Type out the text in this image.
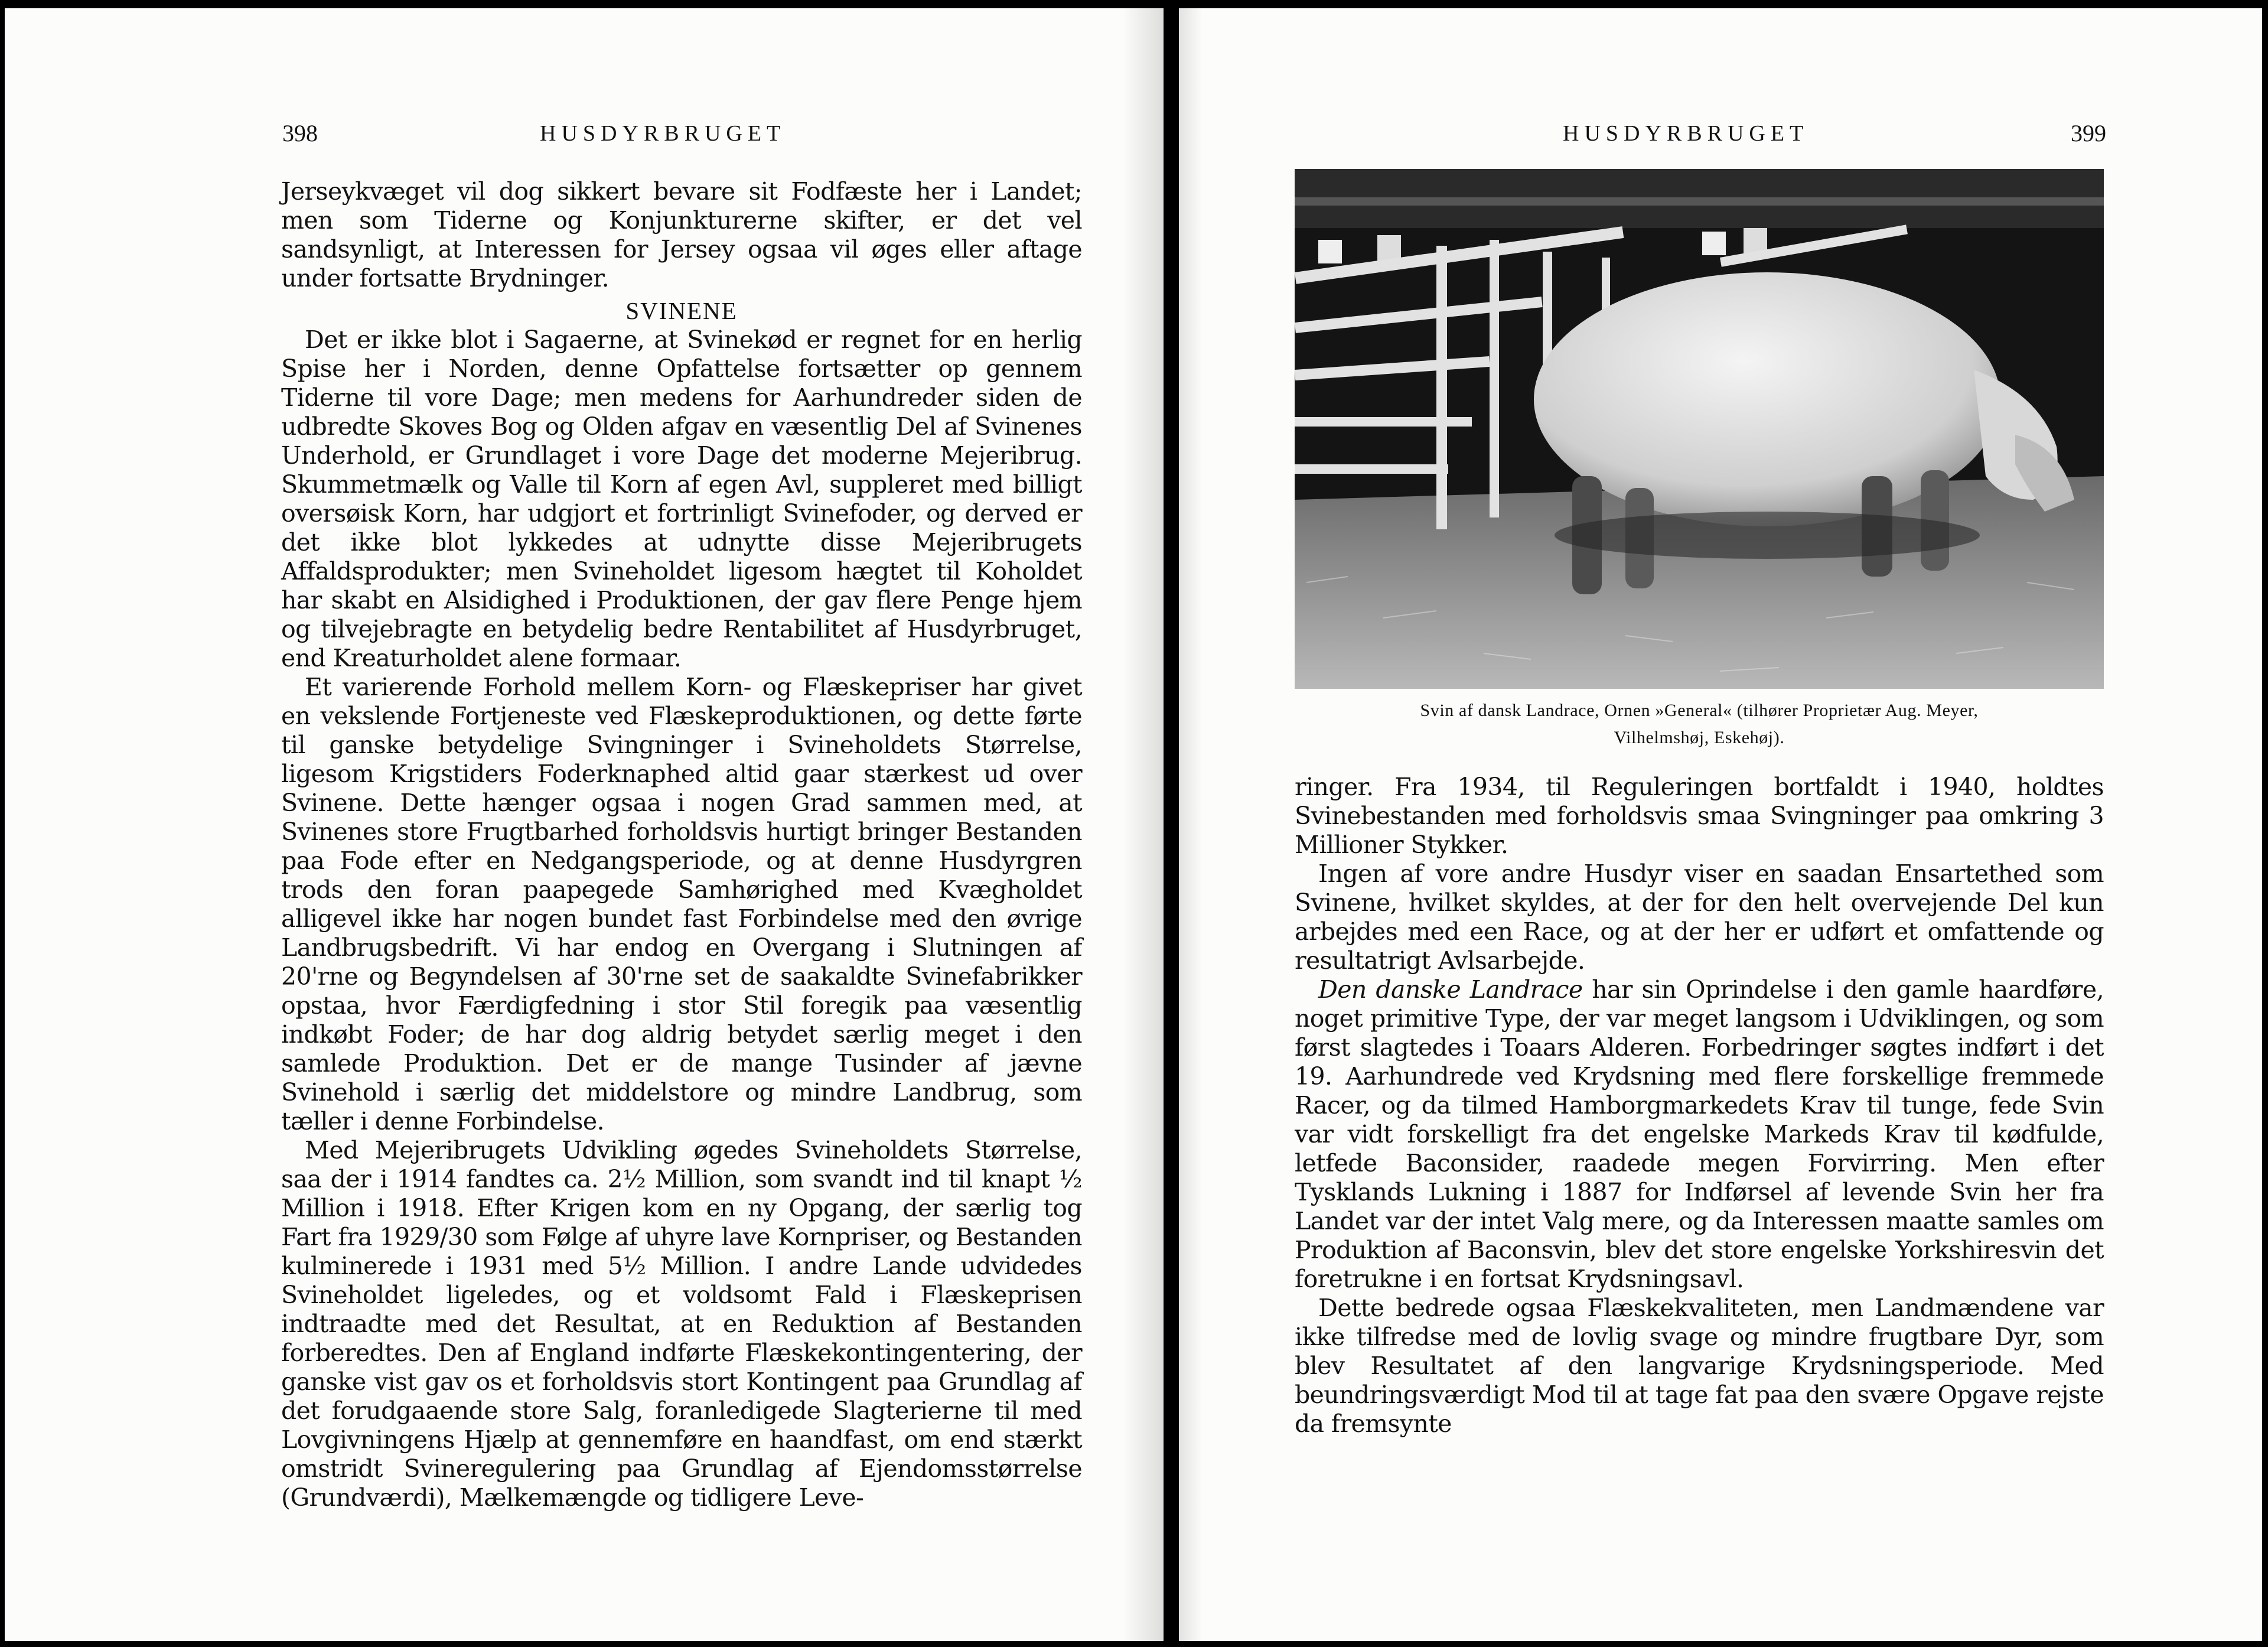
398	HUSDYRBRUGET

Jerseykvæget vil dog sikkert bevare sit Fodfæste her i Landet; men som Tiderne og Konjunkturerne skifter, er det vel sandsynligt, at Interessen for Jersey ogsaa vil øges eller aftage under fortsatte Brydninger.

SVINENE

Det er ikke blot i Sagaerne, at Svinekød er regnet for en herlig Spise her i Norden, denne Opfattelse fortsætter op gennem Tiderne til vore Dage; men medens for Aarhundreder siden de udbredte Skoves Bog og Olden afgav en væsentlig Del af Svinenes Underhold, er Grundlaget i vore Dage det moderne Mejeribrug. Skummetmælk og Valle til Korn af egen Avl, suppleret med billigt oversøisk Korn, har udgjort et fortrinligt Svinefoder, og derved er det ikke blot lykkedes at udnytte disse Mejeribrugets Affaldsprodukter; men Svineholdet ligesom hægtet til Koholdet har skabt en Alsidighed i Produktionen, der gav flere Penge hjem og tilvejebragte en betydelig bedre Rentabilitet af Husdyrbruget, end Kreaturholdet alene formaar.

Et varierende Forhold mellem Korn- og Flæskepriser har givet en vekslende Fortjeneste ved Flæskeproduktionen, og dette førte til ganske betydelige Svingninger i Svineholdets Størrelse, ligesom Krigstiders Foderknaphed altid gaar stærkest ud over Svinene. Dette hænger ogsaa i nogen Grad sammen med, at Svinenes store Frugtbarhed forholdsvis hurtigt bringer Bestanden paa Fode efter en Nedgangsperiode, og at denne Husdyrgren trods den foran paapegede Samhørighed med Kvægholdet alligevel ikke har nogen bundet fast Forbindelse med den øvrige Landbrugsbedrift. Vi har endog en Overgang i Slutningen af 20'rne og Begyndelsen af 30'rne set de saakaldte Svinefabrikker opstaa, hvor Færdigfedning i stor Stil foregik paa væsentlig indkøbt Foder; de har dog aldrig betydet særlig meget i den samlede Produktion. Det er de mange Tusinder af jævne Svinehold i særlig det middelstore og mindre Landbrug, som tæller i denne Forbindelse.

Med Mejeribrugets Udvikling øgedes Svineholdets Størrelse, saa der i 1914 fandtes ca. 2½ Million, som svandt ind til knapt ½ Million i 1918. Efter Krigen kom en ny Opgang, der særlig tog Fart fra 1929/30 som Følge af uhyre lave Kornpriser, og Bestanden kulminerede i 1931 med 5½ Million. I andre Lande udvidedes Svineholdet ligeledes, og et voldsomt Fald i Flæskeprisen indtraadte med det Resultat, at en Reduktion af Bestanden forberedtes. Den af England indførte Flæskekontingentering, der ganske vist gav os et forholdsvis stort Kontingent paa Grundlag af det forudgaaende store Salg, foranledigede Slagterierne til med Lovgivningens Hjælp at gennemføre en haandfast, om end stærkt omstridt Svineregulering paa Grundlag af Ejendomsstørrelse (Grundværdi), Mælkemængde og tidligere Leve-

HUSDYRBRUGET	399
Svin af dansk Landrace, Ornen »General« (tilhører Proprietær Aug. Meyer,
Vilhelmshøj, Eskehøj).

ringer. Fra 1934, til Reguleringen bortfaldt i 1940, holdtes Svinebestanden med forholdsvis smaa Svingninger paa omkring 3 Millioner Stykker.

Ingen af vore andre Husdyr viser en saadan Ensartethed som Svinene, hvilket skyldes, at der for den helt overvejende Del kun arbejdes med een Race, og at der her er udført et omfattende og resultatrigt Avlsarbejde.

Den danske Landrace har sin Oprindelse i den gamle haardføre, noget primitive Type, der var meget langsom i Udviklingen, og som først slagtedes i Toaars Alderen. Forbedringer søgtes indført i det 19. Aarhundrede ved Krydsning med flere forskellige fremmede Racer, og da tilmed Hamborgmarkedets Krav til tunge, fede Svin var vidt forskelligt fra det engelske Markeds Krav til kødfulde, letfede Baconsider, raadede megen Forvirring. Men efter Tysklands Lukning i 1887 for Indførsel af levende Svin her fra Landet var der intet Valg mere, og da Interessen maatte samles om Produktion af Baconsvin, blev det store engelske Yorkshiresvin det foretrukne i en fortsat Krydsningsavl.

Dette bedrede ogsaa Flæskekvaliteten, men Landmændene var ikke tilfredse med de lovlig svage og mindre frugtbare Dyr, som blev Resultatet af den langvarige Krydsningsperiode. Med beundringsværdigt Mod til at tage fat paa den svære Opgave rejste da fremsynte
